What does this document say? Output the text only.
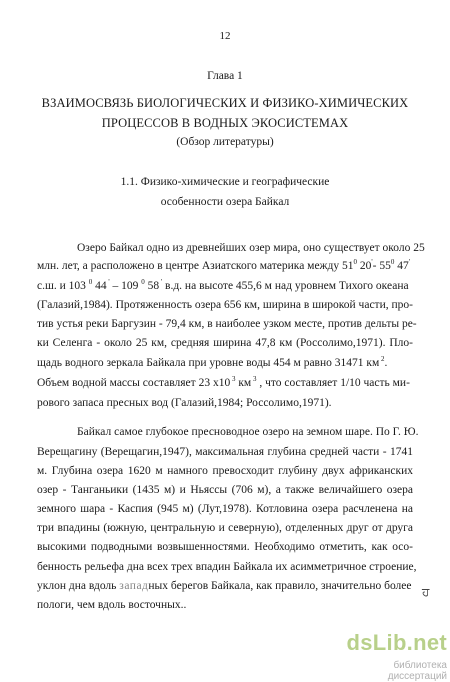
12
Глава 1
ВЗАИМОСВЯЗЬ БИОЛОГИЧЕСКИХ И ФИЗИКО-ХИМИЧЕСКИХ
ПРОЦЕССОВ В ВОДНЫХ ЭКОСИСТЕМАХ
(Обзор литературы)
1.1. Физико-химические и географические
особенности озера Байкал
Озеро Байкал одно из древнейших озер мира, оно существует около 25
млн. лет, а расположено в центре Азиатского материка между $51^0$ 20'- $55^0$ 47'
с.ш. и 103 $^0$ 44 ' – 109 $^0$ 58 ' в.д. на высоте 455,6 м над уровнем Тихого океана
(Галазий,1984). Протяженность озера 656 км, ширина в широкой части, про-
тив устья реки Баргузин - 79,4 км, в наиболее узком месте, против дельты ре-
ки Селенга - около 25 км, средняя ширина 47,8 км (Россолимо,1971). Пло-
щадь водного зеркала Байкала при уровне воды 454 м равно 31471 км $^2$.
Объем водной массы составляет 23 х10 $^3$ км $^3$ , что составляет 1/10 часть ми-
рового запаса пресных вод (Галазий,1984; Россолимо,1971).
Байкал самое глубокое пресноводное озеро на земном шаре. По Г. Ю.
Верещагину (Верещагин,1947), максимальная глубина средней части - 1741
м. Глубина озера 1620 м намного превосходит глубину двух африканских
озер - Танганьики (1435 м) и Ньяссы (706 м), а также величайшего озера
земного шара - Каспия (945 м) (Лут,1978). Котловина озера расчленена на
три впадины (южную, центральную и северную), отделенных друг от друга
высокими подводными возвышенностями. Необходимо отметить, как осо-
бенность рельефа дна всех трех впадин Байкала их асимметричное строение,
уклон дна вдоль западных берегов Байкала, как правило, значительно более
пологи, чем вдоль восточных..
ਹ
dsLib.net
библиотека диссертаций
